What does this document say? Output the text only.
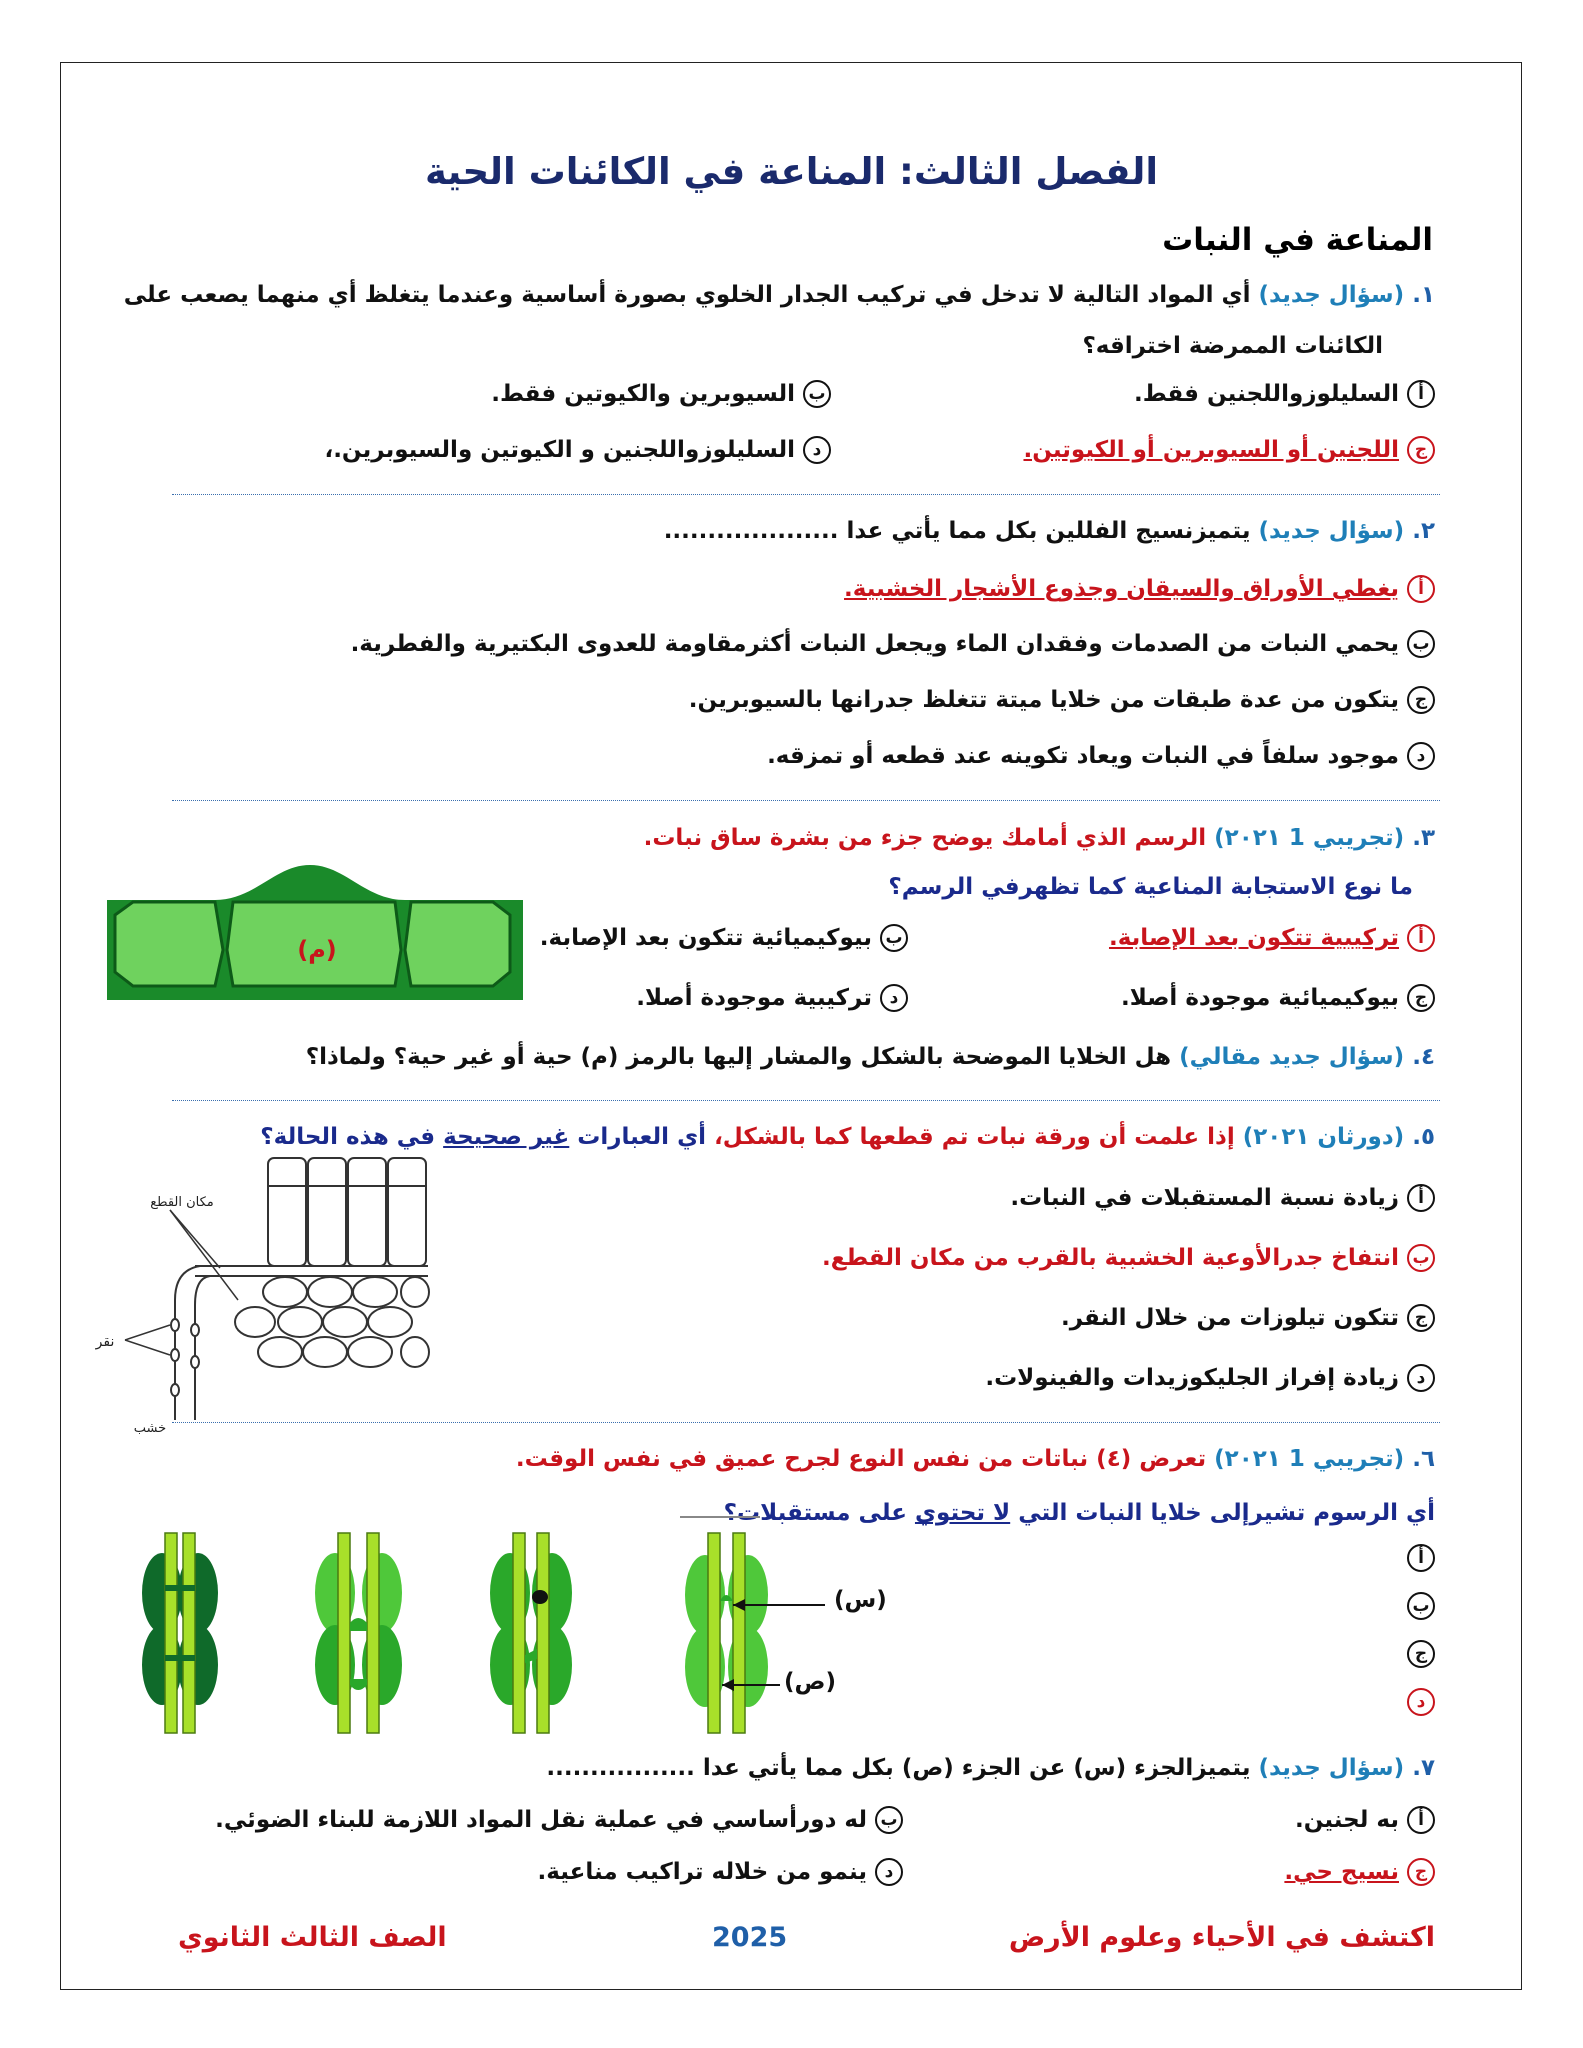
الفصل الثالث: المناعة في الكائنات الحية
المناعة في النبات
١. (سؤال جديد) أي المواد التالية لا تدخل في تركيب الجدار الخلوي بصورة أساسية وعندما يتغلظ أي منهما يصعب على
الكائنات الممرضة اختراقه؟
أ
السليلوزواللجنين فقط.
ب
السيوبرين والكيوتين فقط.
ج
اللجنين أو السيوبرين أو الكيوتين.
د
السليلوزواللجنين و الكيوتين والسيوبرين.،
٢. (سؤال جديد) يتميزنسيج الفللين بكل مما يأتي عدا ....................
أ
يغطي الأوراق والسيقان وجذوع الأشجار الخشبية.
ب
يحمي النبات من الصدمات وفقدان الماء ويجعل النبات أكثرمقاومة للعدوى البكتيرية والفطرية.
ج
يتكون من عدة طبقات من خلايا ميتة تتغلظ جدرانها بالسيوبرين.
د
موجود سلفاً في النبات ويعاد تكوينه عند قطعه أو تمزقه.
٣. (تجريبي 1 ٢٠٢١) الرسم الذي أمامك يوضح جزء من بشرة ساق نبات.
ما نوع الاستجابة المناعية كما تظهرفي الرسم؟
أ
تركيبية تتكون بعد الإصابة.
ب
بيوكيميائية تتكون بعد الإصابة.
ج
بيوكيميائية موجودة أصلا.
د
تركيبية موجودة أصلا.
(م)
٤. (سؤال جديد مقالي) هل الخلايا الموضحة بالشكل والمشار إليها بالرمز (م) حية أو غير حية؟ ولماذا؟
٥. (دورثان ٢٠٢١) إذا علمت أن ورقة نبات تم قطعها كما بالشكل، أي العبارات غير صحيحة في هذه الحالة؟
أ
زيادة نسبة المستقبلات في النبات.
ب
انتفاخ جدرالأوعية الخشبية بالقرب من مكان القطع.
ج
تتكون تيلوزات من خلال النقر.
د
زيادة إفراز الجليكوزيدات والفينولات.
مكان القطع
نقر
خشب
٦. (تجريبي 1 ٢٠٢١) تعرض (٤) نباتات من نفس النوع لجرح عميق في نفس الوقت.
أي الرسوم تشيرإلى خلايا النبات التي لا تحتوي على مستقبلات؟
أ
ب
ج
د
(س)
(ص)
٧. (سؤال جديد) يتميزالجزء (س) عن الجزء (ص) بكل مما يأتي عدا .................
أ
به لجنين.
ب
له دورأساسي في عملية نقل المواد اللازمة للبناء الضوئي.
ج
نسيج حي.
د
ينمو من خلاله تراكيب مناعية.
اكتشف في الأحياء وعلوم الأرض
2025
الصف الثالث الثانوي
